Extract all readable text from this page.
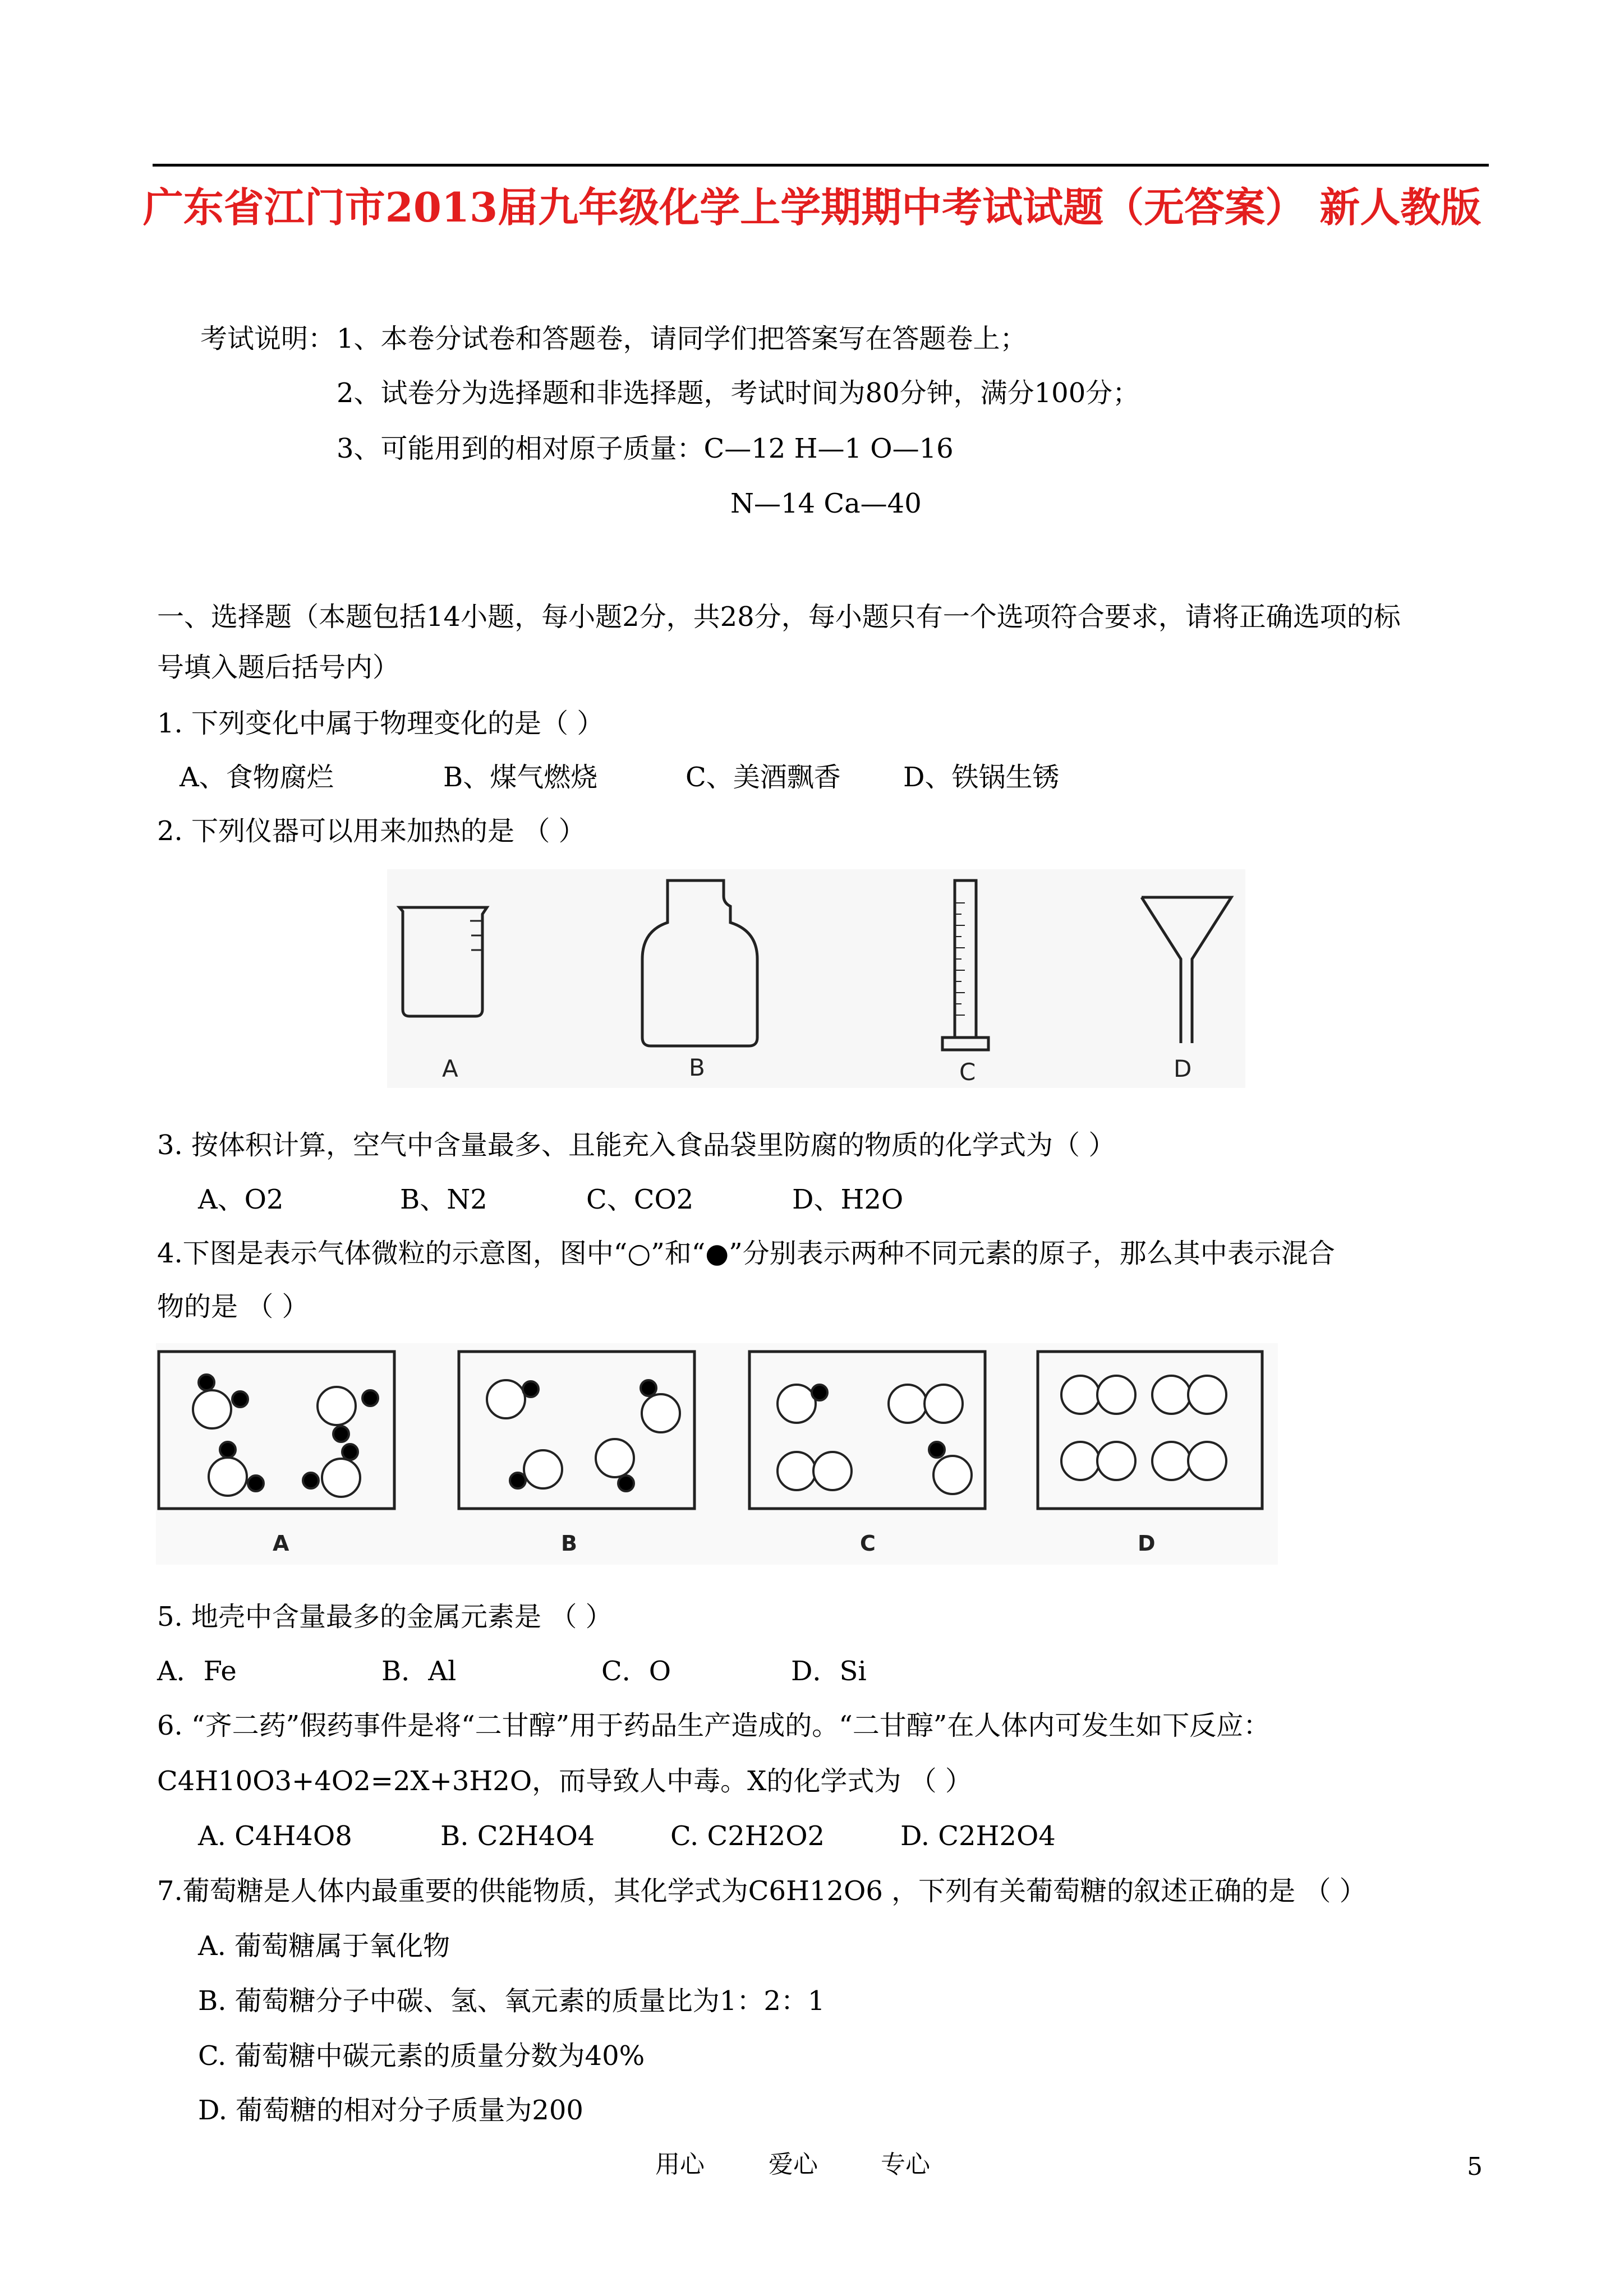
广东省江门市2013届九年级化学上学期期中考试试题（无答案） 新人教版
考试说明： 1、本卷分试卷和答题卷，请同学们把答案写在答题卷上；
2、试卷分为选择题和非选择题，考试时间为80分钟，满分100分；
3、可能用到的相对原子质量：C—12 H—1 O—16
N—14 Ca—40
一、选择题（本题包括14小题，每小题2分，共28分，每小题只有一个选项符合要求，请将正确选项的标
号填入题后括号内）
1. 下列变化中属于物理变化的是（ ）
A、食物腐烂	B、煤气燃烧	C、美酒飘香 D、铁锅生锈
2. 下列仪器可以用来加热的是 （ ）
A	B	C	D
3. 按体积计算，空气中含量最多、且能充入食品袋里防腐的物质的化学式为（ ）
A、O2	B、N2	C、CO2	D、H2O
4.下图是表示气体微粒的示意图，图中“○”和“●”分别表示两种不同元素的原子，那么其中表示混合
物的是 （ ）
A	B	C	D
5. 地壳中含量最多的金属元素是 （ ）
A．Fe	B．Al	C．O	D．Si
6. “齐二药”假药事件是将“二甘醇”用于药品生产造成的。“二甘醇”在人体内可发生如下反应：
C4H10O3+4O2=2X+3H2O，而导致人中毒。X的化学式为 （ ）
A. C4H4O8	B. C2H4O4	C. C2H2O2	D. C2H2O4
7.葡萄糖是人体内最重要的供能物质，其化学式为C6H12O6 ，下列有关葡萄糖的叙述正确的是 （ ）
A. 葡萄糖属于氧化物
B. 葡萄糖分子中碳、氢、氧元素的质量比为1：2：1
C. 葡萄糖中碳元素的质量分数为40%
D. 葡萄糖的相对分子质量为200
用心	爱心	专心	5
